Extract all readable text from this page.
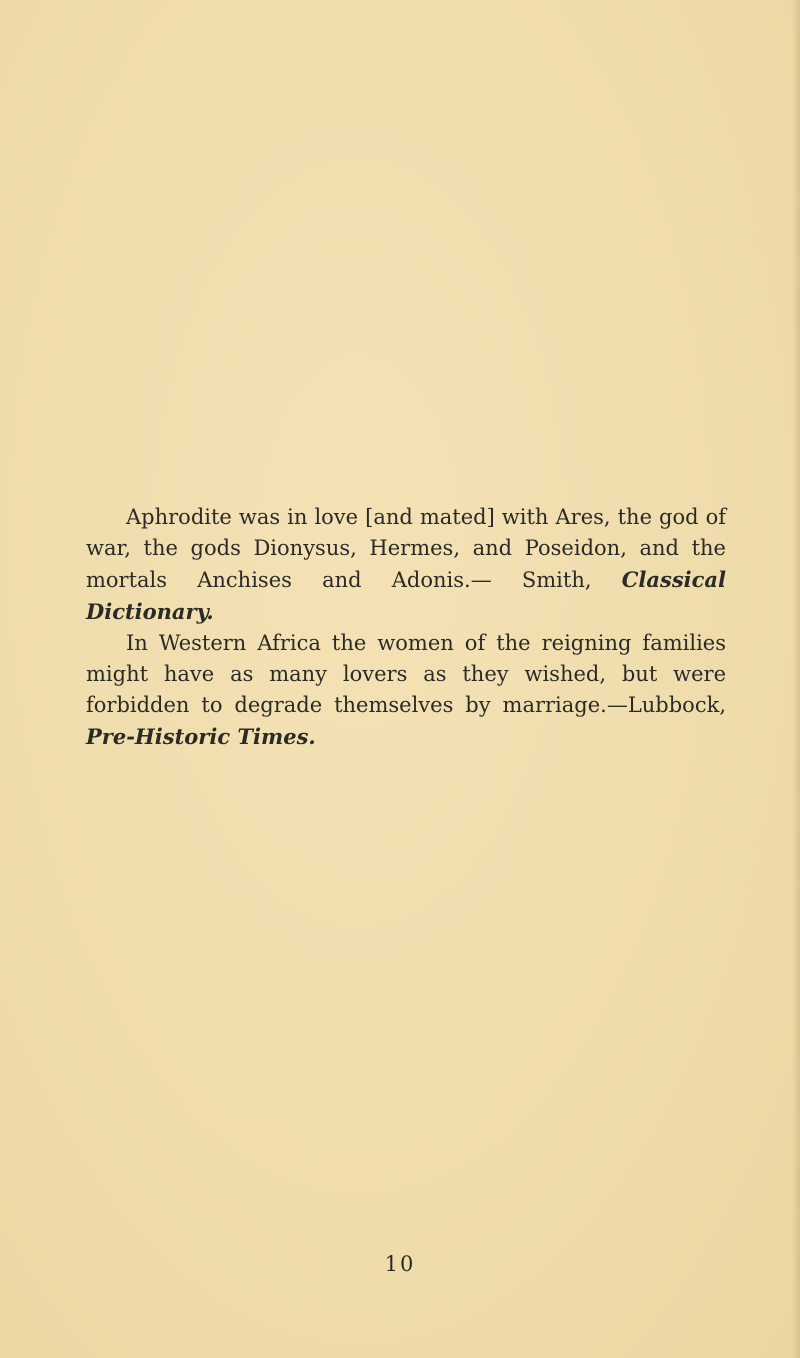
Aphrodite was in love [and mated] with Ares, the god of war, the gods Dionysus, Hermes, and Poseidon, and the mortals Anchises and Adonis.— Smith, Classical Dictionary.

In Western Africa the women of the reigning families might have as many lovers as they wished, but were forbidden to degrade themselves by marriage.—Lubbock, Pre-Historic Times.

10
